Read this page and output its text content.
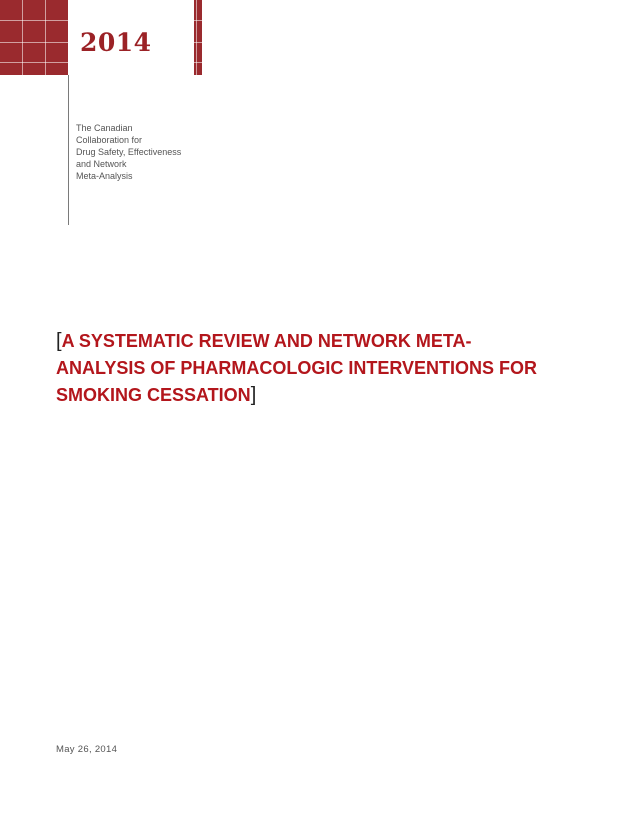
2014
The Canadian
Collaboration for
Drug Safety, Effectiveness
and Network
Meta-Analysis
[A SYSTEMATIC REVIEW AND NETWORK META-
ANALYSIS OF PHARMACOLOGIC INTERVENTIONS FOR
SMOKING CESSATION]
May 26, 2014
